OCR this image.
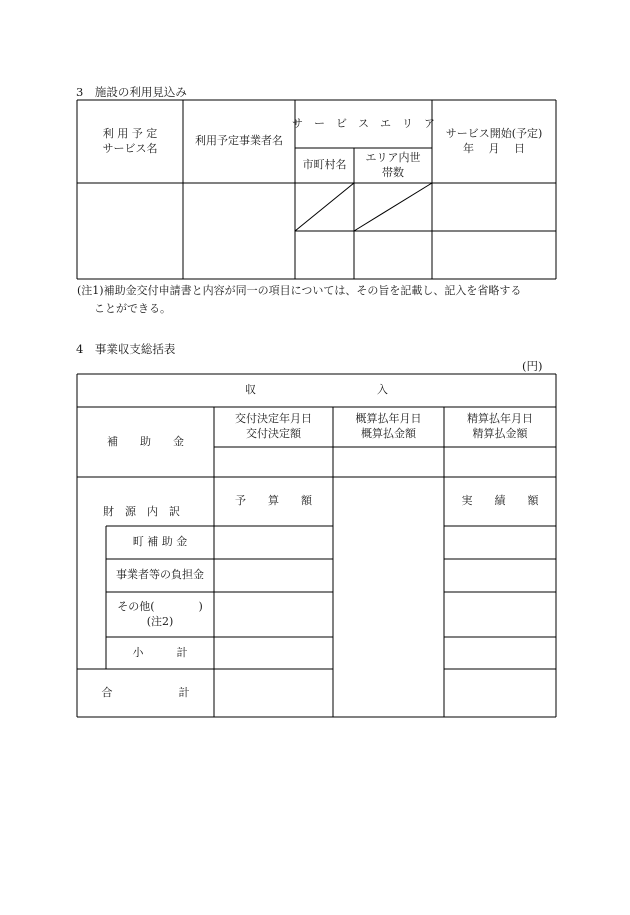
3　施設の利用見込み
利 用 予 定
サービス名
利用予定事業者名
サ　ー　ビ　ス　エ　リ　ア
市町村名
エリア内世
帯数
サービス開始(予定)
年　 月　 日
(注1)補助金交付申請書と内容が同一の項目については、その旨を記載し、記入を省略する
ことができる。
4　事業収支総括表
(円)
収　　　　　　　　　　　入
補　　助　　金
交付決定年月日
交付決定額
概算払年月日
概算払金額
精算払年月日
精算払金額
財　源　内　訳
予　　算　　額	実　　績　　額
町 補 助 金
事業者等の負担金
その他(　　　　)
(注2)
小　　　計
合　　　　　　計
